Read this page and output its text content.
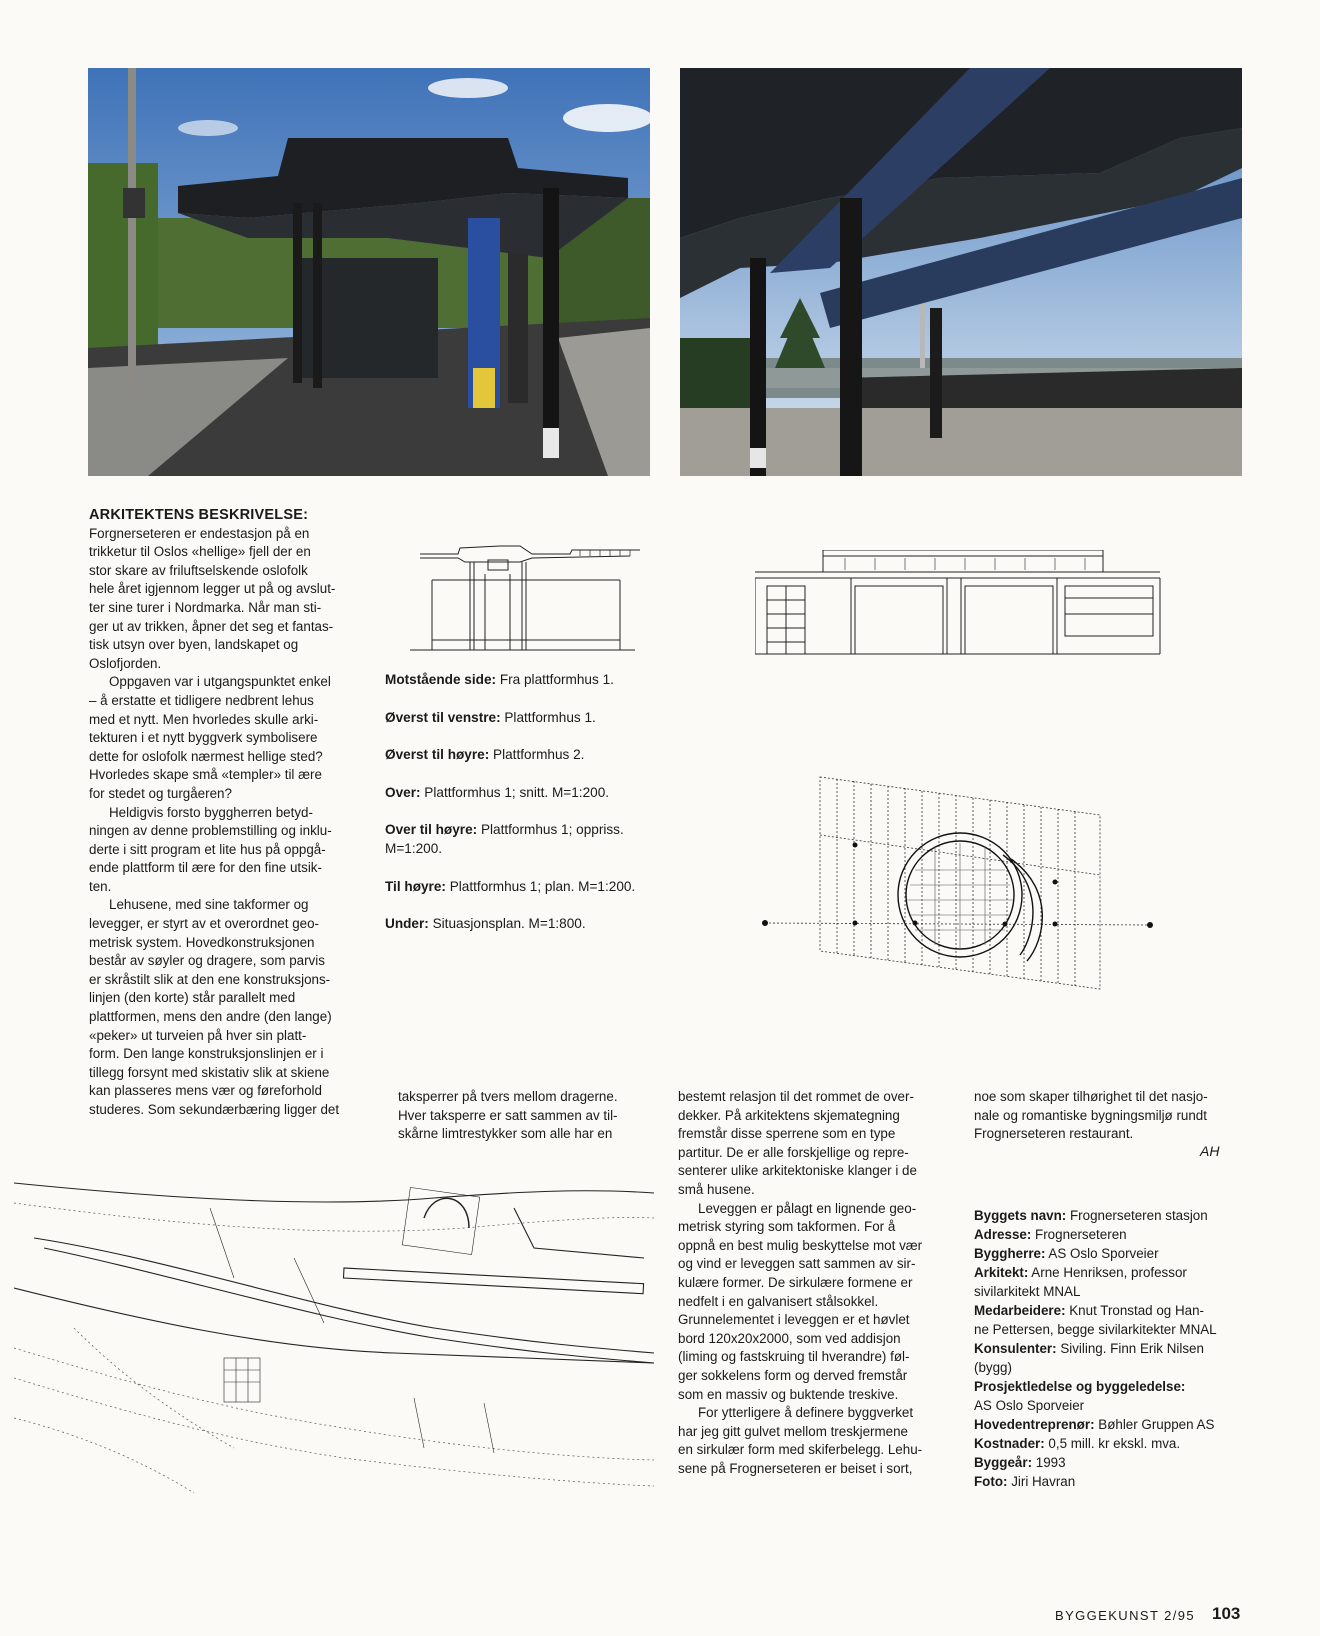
ARKITEKTENS BESKRIVELSE:

Forgnerseteren er endestasjon på en

trikketur til Oslos «hellige» fjell der en

stor skare av friluftselskende oslofolk

hele året igjennom legger ut på og avslut-

ter sine turer i Nordmarka. Når man sti-

ger ut av trikken, åpner det seg et fantas-

tisk utsyn over byen, landskapet og

Oslofjorden.

Oppgaven var i utgangspunktet enkel

– å erstatte et tidligere nedbrent lehus

med et nytt. Men hvorledes skulle arki-

tekturen i et nytt byggverk symbolisere

dette for oslofolk nærmest hellige sted?

Hvorledes skape små «templer» til ære

for stedet og turgåeren?

Heldigvis forsto byggherren betyd-

ningen av denne problemstilling og inklu-

derte i sitt program et lite hus på oppgå-

ende plattform til ære for den fine utsik-

ten.

Lehusene, med sine takformer og

levegger, er styrt av et overordnet geo-

metrisk system. Hovedkonstruksjonen

består av søyler og dragere, som parvis

er skråstilt slik at den ene konstruksjons-

linjen (den korte) står parallelt med

plattformen, mens den andre (den lange)

«peker» ut turveien på hver sin platt-

form. Den lange konstruksjonslinjen er i

tillegg forsynt med skistativ slik at skiene

kan plasseres mens vær og føreforhold

studeres. Som sekundærbæring ligger det

Motstående side: Fra plattformhus 1.

Øverst til venstre: Plattformhus 1.

Øverst til høyre: Plattformhus 2.

Over: Plattformhus 1; snitt. M=1:200.

Over til høyre: Plattformhus 1; oppriss. M=1:200.

Til høyre: Plattformhus 1; plan. M=1:200.

Under: Situasjonsplan. M=1:800.

taksperrer på tvers mellom dragerne.

Hver taksperre er satt sammen av til-

skårne limtrestykker som alle har en

bestemt relasjon til det rommet de over-

dekker. På arkitektens skjemategning

fremstår disse sperrene som en type

partitur. De er alle forskjellige og repre-

senterer ulike arkitektoniske klanger i de

små husene.

Leveggen er pålagt en lignende geo-

metrisk styring som takformen. For å

oppnå en best mulig beskyttelse mot vær

og vind er leveggen satt sammen av sir-

kulære former. De sirkulære formene er

nedfelt i en galvanisert stålsokkel.

Grunnelementet i leveggen er et høvlet

bord 120x20x2000, som ved addisjon

(liming og fastskruing til hverandre) føl-

ger sokkelens form og derved fremstår

som en massiv og buktende treskive.

For ytterligere å definere byggverket

har jeg gitt gulvet mellom treskjermene

en sirkulær form med skiferbelegg. Lehu-

sene på Frognerseteren er beiset i sort,

noe som skaper tilhørighet til det nasjo-

nale og romantiske bygningsmiljø rundt

Frognerseteren restaurant.

AH

Byggets navn: Frognerseteren stasjon

Adresse: Frognerseteren

Byggherre: AS Oslo Sporveier

Arkitekt: Arne Henriksen, professor

sivilarkitekt MNAL

Medarbeidere: Knut Tronstad og Han-

ne Pettersen, begge sivilarkitekter MNAL

Konsulenter: Siviling. Finn Erik Nilsen

(bygg)

Prosjektledelse og byggeledelse:

AS Oslo Sporveier

Hovedentreprenør: Bøhler Gruppen AS

Kostnader: 0,5 mill. kr ekskl. mva.

Byggeår: 1993

Foto: Jiri Havran

BYGGEKUNST 2/95 103
